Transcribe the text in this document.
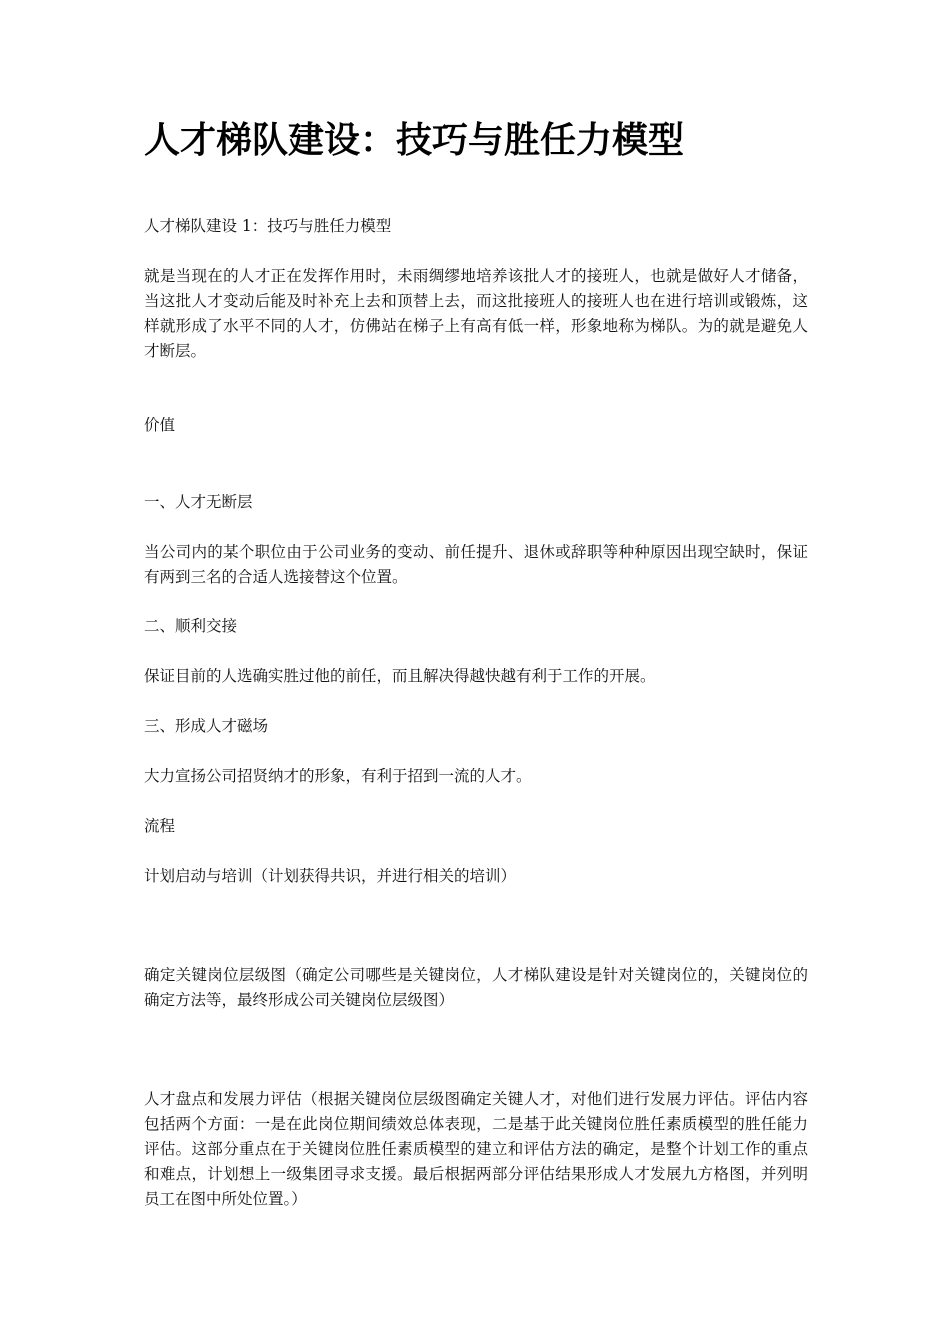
人才梯队建设：技巧与胜任力模型

人才梯队建设 1：技巧与胜任力模型

就是当现在的人才正在发挥作用时，未雨绸缪地培养该批人才的接班人，也就是做好人才储备，当这批人才变动后能及时补充上去和顶替上去，而这批接班人的接班人也在进行培训或锻炼，这样就形成了水平不同的人才，仿佛站在梯子上有高有低一样，形象地称为梯队。为的就是避免人才断层。

价值

一、人才无断层

当公司内的某个职位由于公司业务的变动、前任提升、退休或辞职等种种原因出现空缺时，保证有两到三名的合适人选接替这个位置。

二、顺利交接

保证目前的人选确实胜过他的前任，而且解决得越快越有利于工作的开展。

三、形成人才磁场

大力宣扬公司招贤纳才的形象，有利于招到一流的人才。

流程

计划启动与培训（计划获得共识，并进行相关的培训）

确定关键岗位层级图（确定公司哪些是关键岗位，人才梯队建设是针对关键岗位的，关键岗位的确定方法等，最终形成公司关键岗位层级图）

人才盘点和发展力评估（根据关键岗位层级图确定关键人才，对他们进行发展力评估。评估内容包括两个方面：一是在此岗位期间绩效总体表现，二是基于此关键岗位胜任素质模型的胜任能力评估。这部分重点在于关键岗位胜任素质模型的建立和评估方法的确定，是整个计划工作的重点和难点，计划想上一级集团寻求支援。最后根据两部分评估结果形成人才发展九方格图，并列明员工在图中所处位置。）
